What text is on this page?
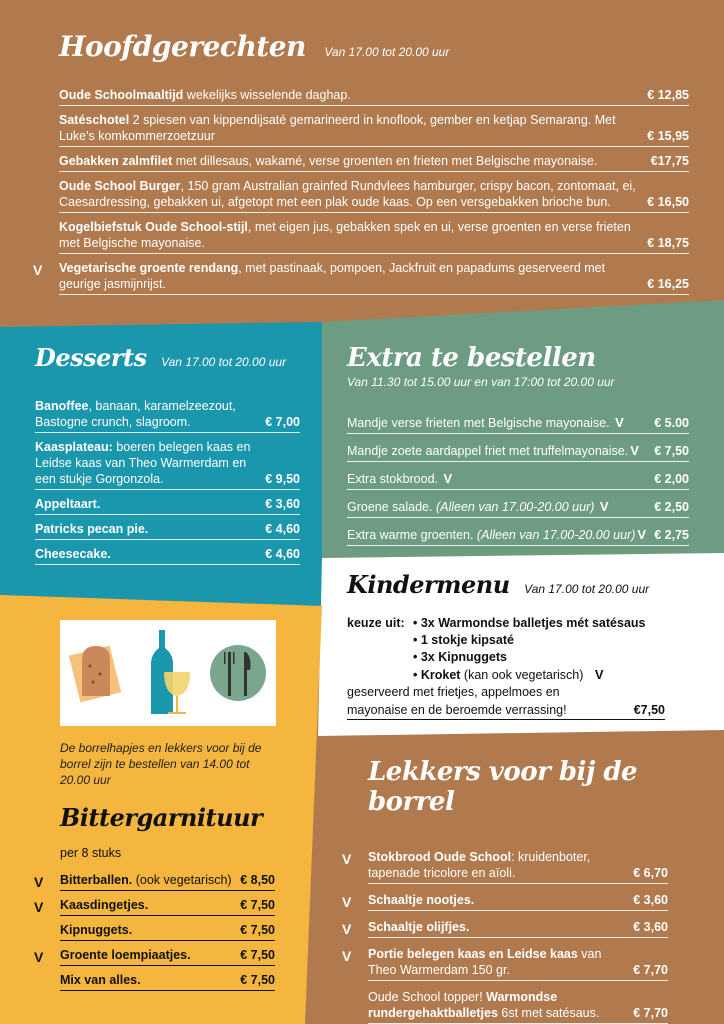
Hoofdgerechten Van 17.00 tot 20.00 uur
Oude Schoolmaaltijd wekelijks wisselende daghap.	€ 12,85
Satéschotel 2 spiesen van kippendijsaté gemarineerd in knoflook, gember en ketjap Semarang. Met Luke's komkommerzoetzuur	€ 15,95
Gebakken zalmfilet met dillesaus, wakamé, verse groenten en frieten met Belgische mayonaise.	€17,75
Oude School Burger, 150 gram Australian grainfed Rundvlees hamburger, crispy bacon, zontomaat, ei, Caesardressing, gebakken ui, afgetopt met een plak oude kaas. Op een versgebakken brioche bun.	€ 16,50
Kogelbiefstuk Oude School-stijl, met eigen jus, gebakken spek en ui, verse groenten en verse frieten met Belgische mayonaise.	€ 18,75
V Vegetarische groente rendang, met pastinaak, pompoen, Jackfruit en papadums geserveerd met geurige jasmijnrijst.	€ 16,25
Desserts Van 17.00 tot 20.00 uur
Banoffee, banaan, karamelzeezout, Bastogne crunch, slagroom.	€ 7,00
Kaasplateau: boeren belegen kaas en Leidse kaas van Theo Warmerdam en een stukje Gorgonzola.	€ 9,50
Appeltaart.	€ 3,60
Patricks pecan pie.	€ 4,60
Cheesecake.	€ 4,60
Extra te bestellen
Van 11.30 tot 15.00 uur en van 17:00 tot 20.00 uur
Mandje verse frieten met Belgische mayonaise. V	€ 5.00
Mandje zoete aardappel friet met truffelmayonaise. V	€ 7,50
Extra stokbrood. V	€ 2,00
Groene salade. (Alleen van 17.00-20.00 uur) V	€ 2,50
Extra warme groenten. (Alleen van 17.00-20.00 uur) V € 2,75
Kindermenu Van 17.00 tot 20.00 uur
keuze uit: • 3x Warmondse balletjes mét satésaus
• 1 stokje kipsaté
• 3x Kipnuggets
• Kroket (kan ook vegetarisch) V
geserveerd met frietjes, appelmoes en
mayonaise en de beroemde verrassing!	€7,50
De borrelhapjes en lekkers voor bij de borrel zijn te bestellen van 14.00 tot 20.00 uur
Bittergarnituur
per 8 stuks
V Bitterballen. (ook vegetarisch) € 8,50
V Kaasdingetjes.	€ 7,50
Kipnuggets.	€ 7,50
V Groente loempiaatjes.	€ 7,50
Mix van alles.	€ 7,50
Lekkers voor bij de borrel
V Stokbrood Oude School: kruidenboter, tapenade tricolore en aïoli.	€ 6,70
V Schaaltje nootjes.	€ 3,60
V Schaaltje olijfjes.	€ 3,60
V Portie belegen kaas en Leidse kaas van Theo Warmerdam 150 gr.	€ 7,70
Oude School topper! Warmondse rundergehaktballetjes 6st met satésaus.	€ 7,70
